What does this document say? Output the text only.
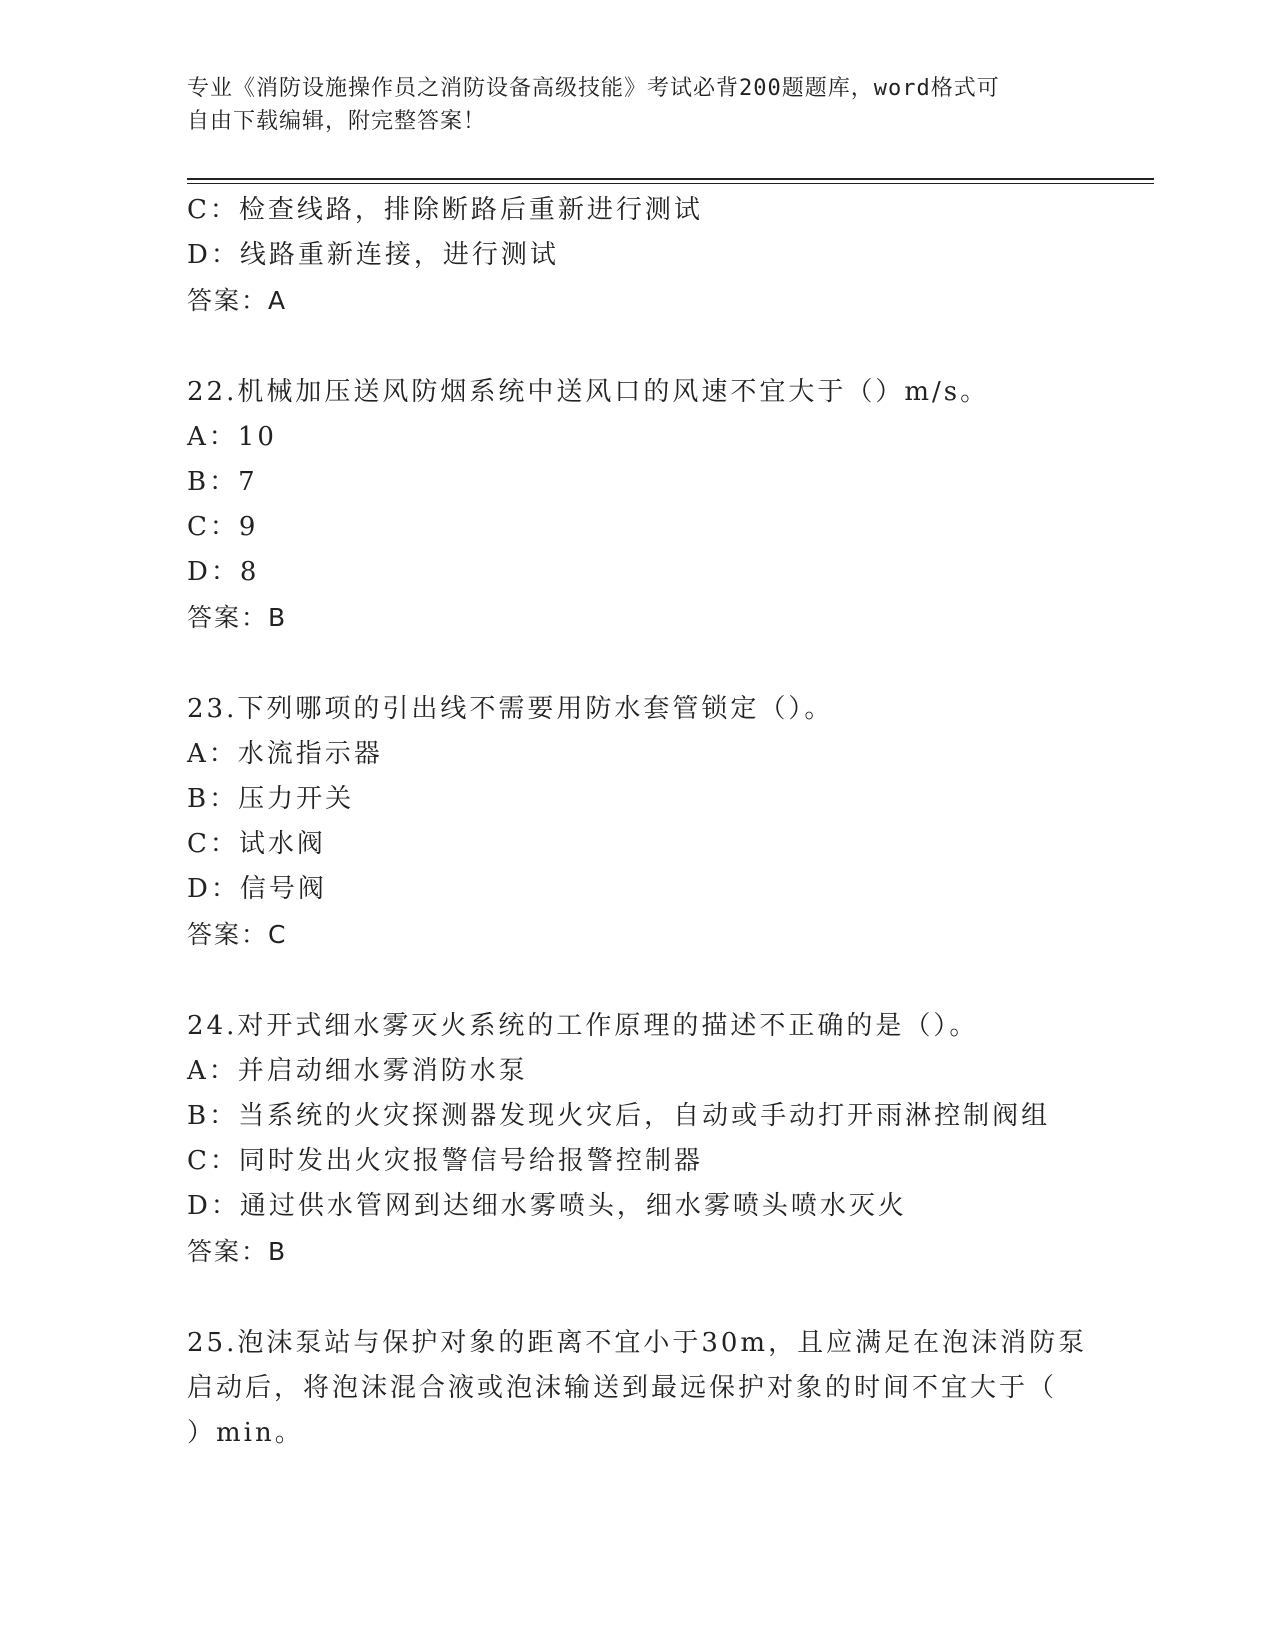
专业《消防设施操作员之消防设备高级技能》考试必背200题题库，word格式可
自由下载编辑，附完整答案！
C：检查线路，排除断路后重新进行测试
D：线路重新连接，进行测试
答案：A
22.机械加压送风防烟系统中送风口的风速不宜大于（）m/s。
A：10
B：7
C：9
D：8
答案：B
23.下列哪项的引出线不需要用防水套管锁定（）。
A：水流指示器
B：压力开关
C：试水阀
D：信号阀
答案：C
24.对开式细水雾灭火系统的工作原理的描述不正确的是（）。
A：并启动细水雾消防水泵
B：当系统的火灾探测器发现火灾后，自动或手动打开雨淋控制阀组
C：同时发出火灾报警信号给报警控制器
D：通过供水管网到达细水雾喷头，细水雾喷头喷水灭火
答案：B
25.泡沫泵站与保护对象的距离不宜小于30m，且应满足在泡沫消防泵
启动后，将泡沫混合液或泡沫输送到最远保护对象的时间不宜大于（
）min。
